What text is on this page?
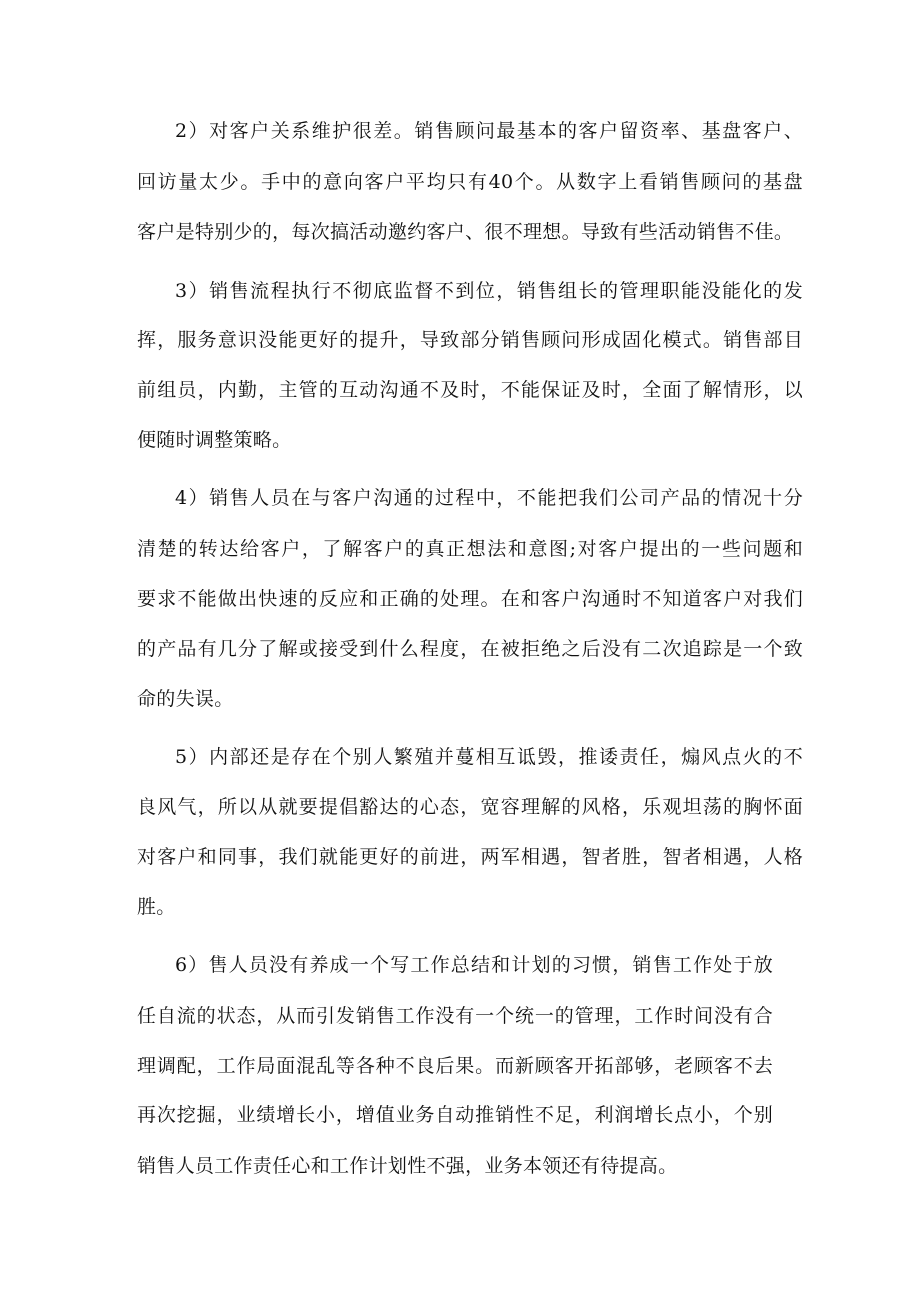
2）对客户关系维护很差。销售顾问最基本的客户留资率、基盘客户、
回访量太少。手中的意向客户平均只有40个。从数字上看销售顾问的基盘
客户是特别少的，每次搞活动邀约客户、很不理想。导致有些活动销售不佳。
3）销售流程执行不彻底监督不到位，销售组长的管理职能没能化的发
挥，服务意识没能更好的提升，导致部分销售顾问形成固化模式。销售部目
前组员，内勤，主管的互动沟通不及时，不能保证及时，全面了解情形，以
便随时调整策略。
4）销售人员在与客户沟通的过程中，不能把我们公司产品的情况十分
清楚的转达给客户，了解客户的真正想法和意图;对客户提出的一些问题和
要求不能做出快速的反应和正确的处理。在和客户沟通时不知道客户对我们
的产品有几分了解或接受到什么程度，在被拒绝之后没有二次追踪是一个致
命的失误。
5）内部还是存在个别人繁殖并蔓相互诋毁，推诿责任，煽风点火的不
良风气，所以从就要提倡豁达的心态，宽容理解的风格，乐观坦荡的胸怀面
对客户和同事，我们就能更好的前进，两军相遇，智者胜，智者相遇，人格
胜。
6）售人员没有养成一个写工作总结和计划的习惯，销售工作处于放
任自流的状态，从而引发销售工作没有一个统一的管理，工作时间没有合
理调配，工作局面混乱等各种不良后果。而新顾客开拓部够，老顾客不去
再次挖掘，业绩增长小，增值业务自动推销性不足，利润增长点小，个别
销售人员工作责任心和工作计划性不强，业务本领还有待提高。
